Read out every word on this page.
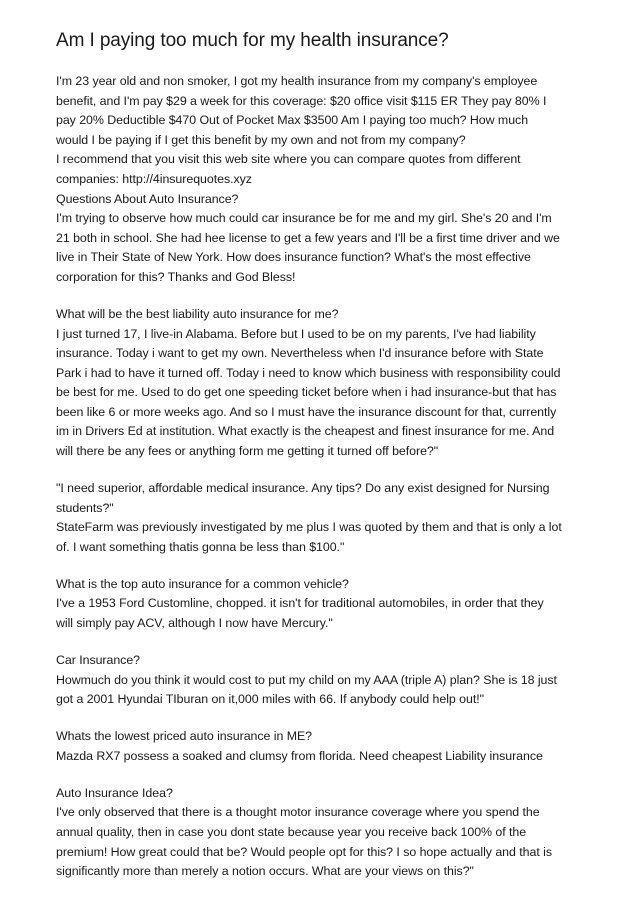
Am I paying too much for my health insurance?

I'm 23 year old and non smoker, I got my health insurance from my company's employee
benefit, and I'm pay $29 a week for this coverage: $20 office visit $115 ER They pay 80% I
pay 20% Deductible $470 Out of Pocket Max $3500 Am I paying too much? How much
would I be paying if I get this benefit by my own and not from my company?
I recommend that you visit this web site where you can compare quotes from different
companies: http://4insurequotes.xyz
Questions About Auto Insurance?
I'm trying to observe how much could car insurance be for me and my girl. She's 20 and I'm
21 both in school. She had hee license to get a few years and I'll be a first time driver and we
live in Their State of New York. How does insurance function? What's the most effective
corporation for this? Thanks and God Bless!

What will be the best liability auto insurance for me?
I just turned 17, I live-in Alabama. Before but I used to be on my parents, I've had liability
insurance. Today i want to get my own. Nevertheless when I'd insurance before with State
Park i had to have it turned off. Today i need to know which business with responsibility could
be best for me. Used to do get one speeding ticket before when i had insurance-but that has
been like 6 or more weeks ago. And so I must have the insurance discount for that, currently
im in Drivers Ed at institution. What exactly is the cheapest and finest insurance for me. And
will there be any fees or anything form me getting it turned off before?"

"I need superior, affordable medical insurance. Any tips? Do any exist designed for Nursing
students?"
StateFarm was previously investigated by me plus I was quoted by them and that is only a lot
of. I want something thatis gonna be less than $100."

What is the top auto insurance for a common vehicle?
I've a 1953 Ford Customline, chopped. it isn't for traditional automobiles, in order that they
will simply pay ACV, although I now have Mercury."

Car Insurance?
Howmuch do you think it would cost to put my child on my AAA (triple A) plan? She is 18 just
got a 2001 Hyundai TIburan on it,000 miles with 66. If anybody could help out!"

Whats the lowest priced auto insurance in ME?
Mazda RX7 possess a soaked and clumsy from florida. Need cheapest Liability insurance

Auto Insurance Idea?
I've only observed that there is a thought motor insurance coverage where you spend the
annual quality, then in case you dont state because year you receive back 100% of the
premium! How great could that be? Would people opt for this? I so hope actually and that is
significantly more than merely a notion occurs. What are your views on this?"
